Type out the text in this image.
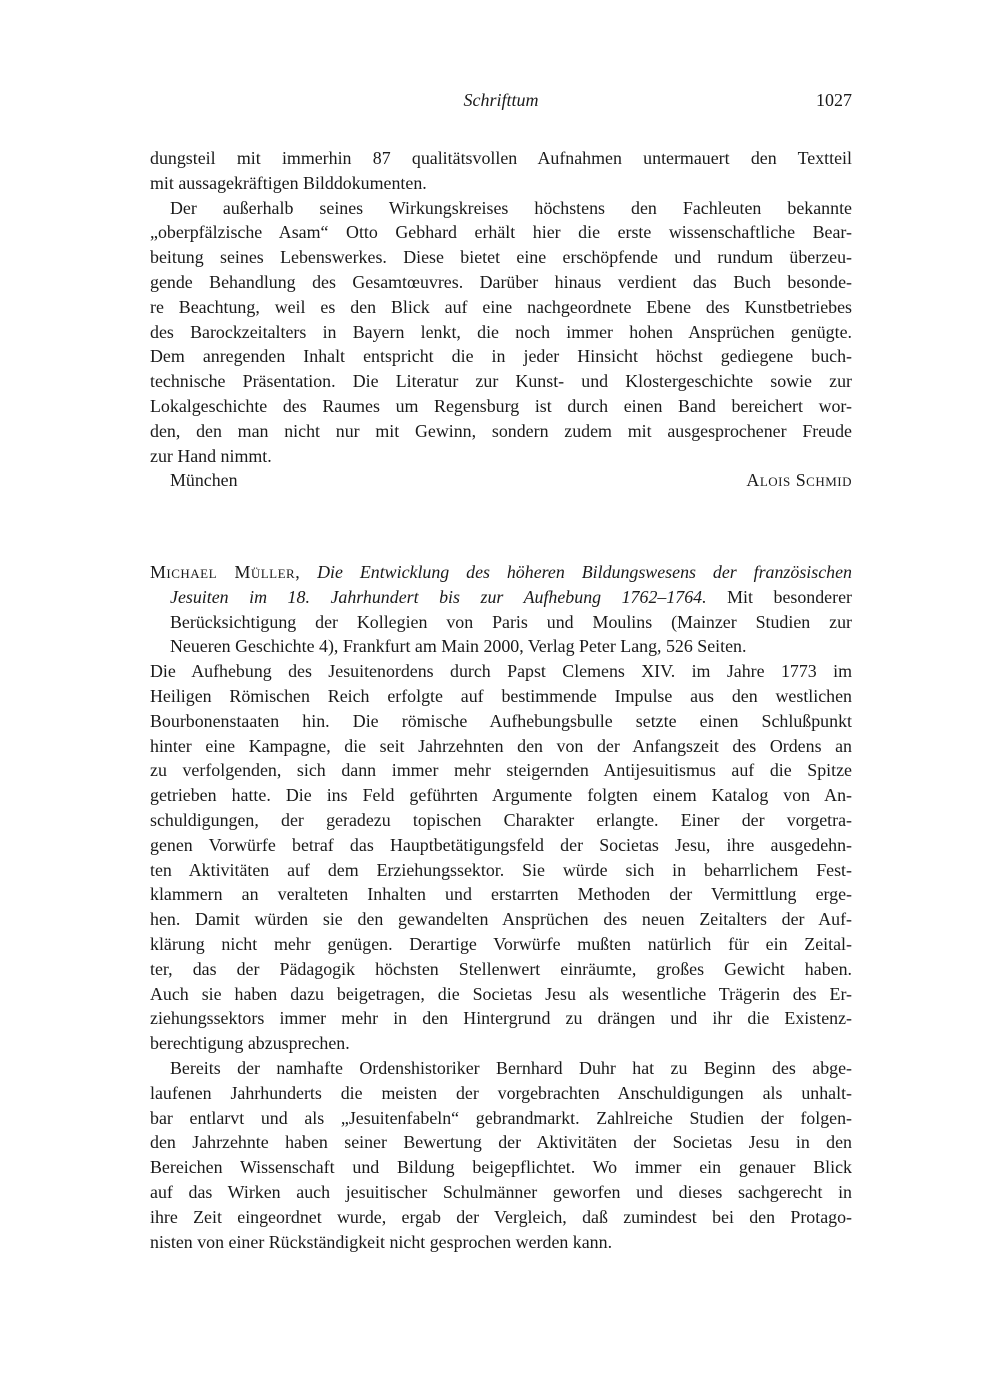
Schrifttum	1027
dungsteil mit immerhin 87 qualitätsvollen Aufnahmen untermauert den Textteil
mit aussagekräftigen Bilddokumenten.
Der außerhalb seines Wirkungskreises höchstens den Fachleuten bekannte
„oberpfälzische Asam“ Otto Gebhard erhält hier die erste wissenschaftliche Bear-
beitung seines Lebenswerkes. Diese bietet eine erschöpfende und rundum überzeu-
gende Behandlung des Gesamtœuvres. Darüber hinaus verdient das Buch besonde-
re Beachtung, weil es den Blick auf eine nachgeordnete Ebene des Kunstbetriebes
des Barockzeitalters in Bayern lenkt, die noch immer hohen Ansprüchen genügte.
Dem anregenden Inhalt entspricht die in jeder Hinsicht höchst gediegene buch-
technische Präsentation. Die Literatur zur Kunst- und Klostergeschichte sowie zur
Lokalgeschichte des Raumes um Regensburg ist durch einen Band bereichert wor-
den, den man nicht nur mit Gewinn, sondern zudem mit ausgesprochener Freude
zur Hand nimmt.
München	Alois Schmid
Michael Müller, Die Entwicklung des höheren Bildungswesens der französischen
Jesuiten im 18. Jahrhundert bis zur Aufhebung 1762–1764. Mit besonderer
Berücksichtigung der Kollegien von Paris und Moulins (Mainzer Studien zur
Neueren Geschichte 4), Frankfurt am Main 2000, Verlag Peter Lang, 526 Seiten.
Die Aufhebung des Jesuitenordens durch Papst Clemens XIV. im Jahre 1773 im
Heiligen Römischen Reich erfolgte auf bestimmende Impulse aus den westlichen
Bourbonenstaaten hin. Die römische Aufhebungsbulle setzte einen Schlußpunkt
hinter eine Kampagne, die seit Jahrzehnten den von der Anfangszeit des Ordens an
zu verfolgenden, sich dann immer mehr steigernden Antijesuitismus auf die Spitze
getrieben hatte. Die ins Feld geführten Argumente folgten einem Katalog von An-
schuldigungen, der geradezu topischen Charakter erlangte. Einer der vorgetra-
genen Vorwürfe betraf das Hauptbetätigungsfeld der Societas Jesu, ihre ausgedehn-
ten Aktivitäten auf dem Erziehungssektor. Sie würde sich in beharrlichem Fest-
klammern an veralteten Inhalten und erstarrten Methoden der Vermittlung erge-
hen. Damit würden sie den gewandelten Ansprüchen des neuen Zeitalters der Auf-
klärung nicht mehr genügen. Derartige Vorwürfe mußten natürlich für ein Zeital-
ter, das der Pädagogik höchsten Stellenwert einräumte, großes Gewicht haben.
Auch sie haben dazu beigetragen, die Societas Jesu als wesentliche Trägerin des Er-
ziehungssektors immer mehr in den Hintergrund zu drängen und ihr die Existenz-
berechtigung abzusprechen.
Bereits der namhafte Ordenshistoriker Bernhard Duhr hat zu Beginn des abge-
laufenen Jahrhunderts die meisten der vorgebrachten Anschuldigungen als unhalt-
bar entlarvt und als „Jesuitenfabeln“ gebrandmarkt. Zahlreiche Studien der folgen-
den Jahrzehnte haben seiner Bewertung der Aktivitäten der Societas Jesu in den
Bereichen Wissenschaft und Bildung beigepflichtet. Wo immer ein genauer Blick
auf das Wirken auch jesuitischer Schulmänner geworfen und dieses sachgerecht in
ihre Zeit eingeordnet wurde, ergab der Vergleich, daß zumindest bei den Protago-
nisten von einer Rückständigkeit nicht gesprochen werden kann.
